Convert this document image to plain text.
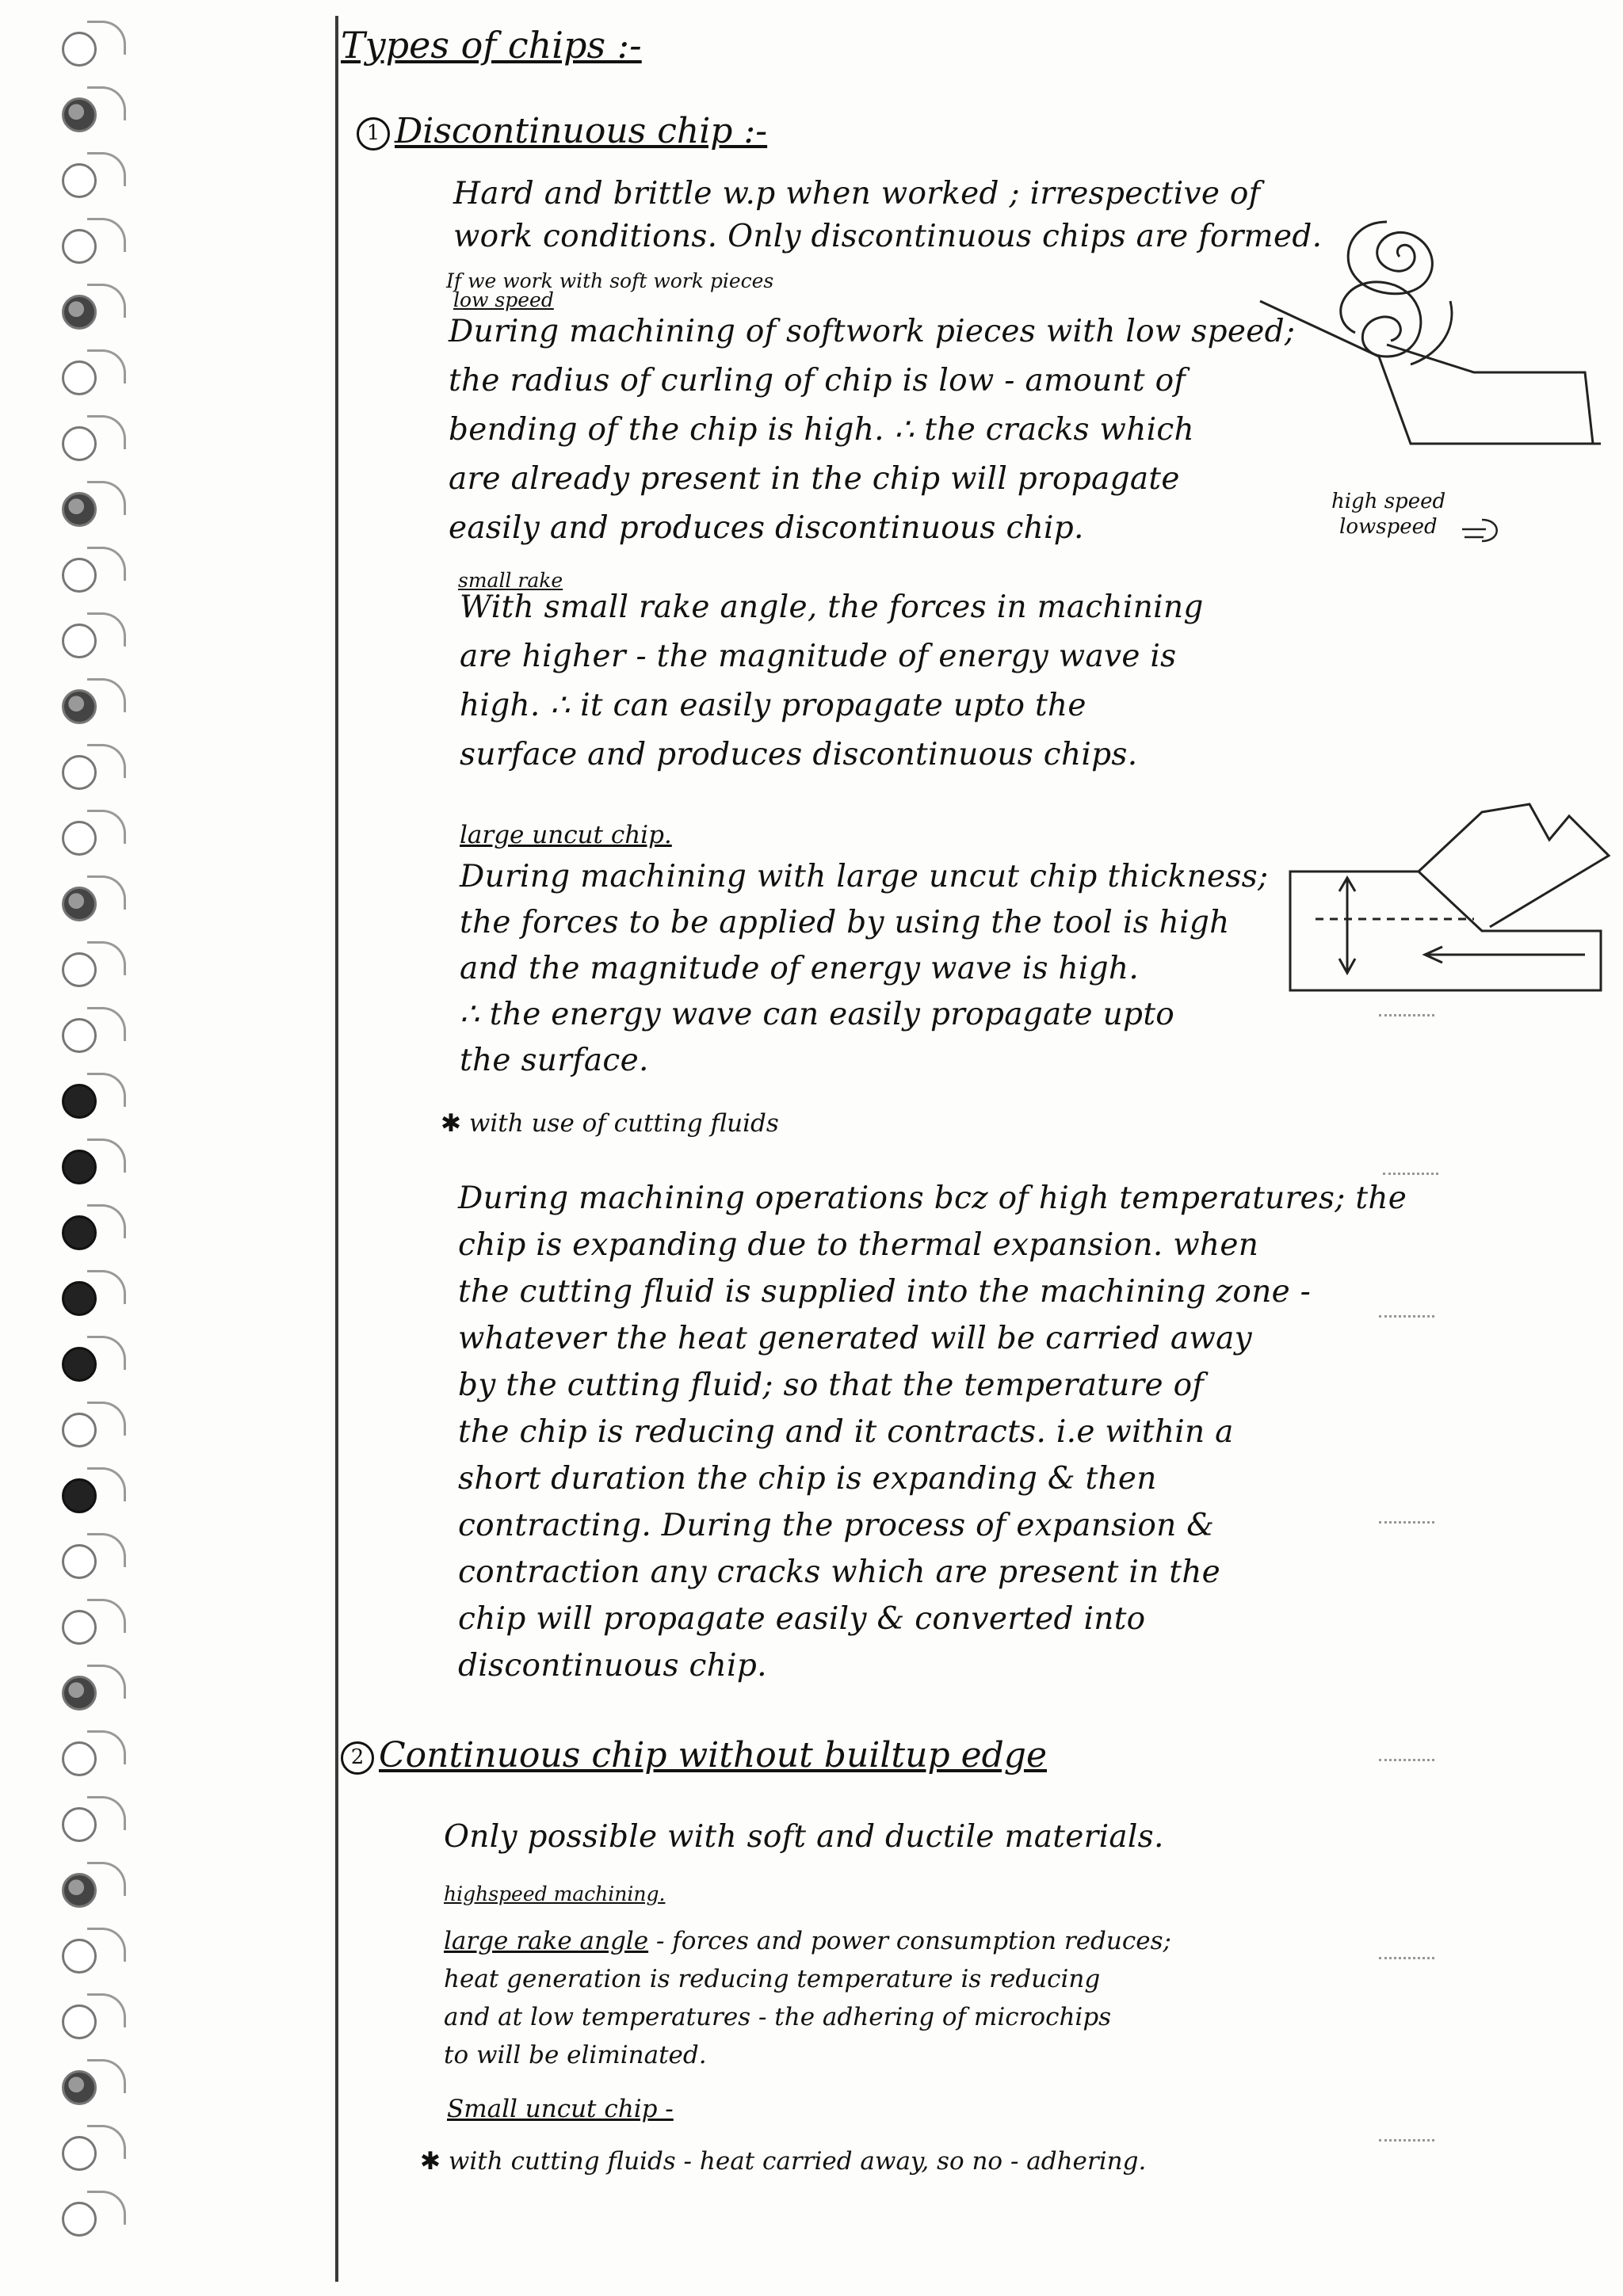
Types of chips :-
1 Discontinuous chip :-
Hard and brittle w.p when worked ; irrespective of
work conditions. Only discontinuous chips are formed.
If we work with soft work pieces
low speed
During machining of softwork pieces with low speed;
the radius of curling of chip is low - amount of
bending of the chip is high. ∴ the cracks which
are already present in the chip will propagate
easily and produces discontinuous chip.
small rake
With small rake angle, the forces in machining
are higher - the magnitude of energy wave is
high. ∴ it can easily propagate upto the
surface and produces discontinuous chips.
large uncut chip.
During machining with large uncut chip thickness;
the forces to be applied by using the tool is high
and the magnitude of energy wave is high.
∴ the energy wave can easily propagate upto
the surface.
✱ with use of cutting fluids
During machining operations bcz of high temperatures; the
chip is expanding due to thermal expansion. when
the cutting fluid is supplied into the machining zone -
whatever the heat generated will be carried away
by the cutting fluid; so that the temperature of
the chip is reducing and it contracts. i.e within a
short duration the chip is expanding & then
contracting. During the process of expansion &
contraction any cracks which are present in the
chip will propagate easily & converted into
discontinuous chip.
2 Continuous chip without builtup edge
Only possible with soft and ductile materials.
highspeed machining.
large rake angle - forces and power consumption reduces;
heat generation is reducing temperature is reducing
and at low temperatures - the adhering of microchips
to will be eliminated.
Small uncut chip -
✱ with cutting fluids - heat carried away, so no - adhering.
high speed
lowspeed
